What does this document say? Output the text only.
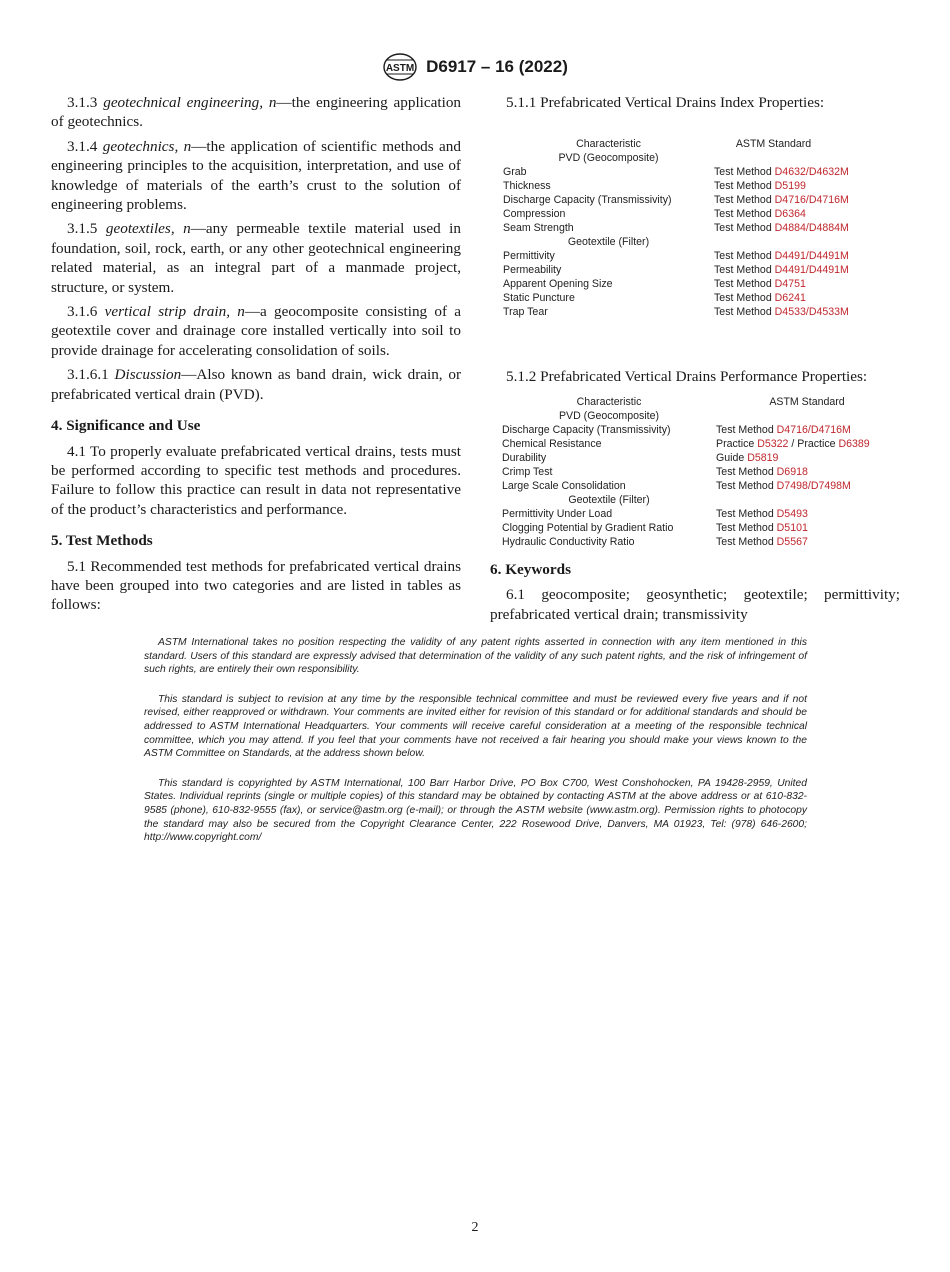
ASTM D6917 – 16 (2022)

3.1.3 geotechnical engineering, n—the engineering application of geotechnics.

3.1.4 geotechnics, n—the application of scientific methods and engineering principles to the acquisition, interpretation, and use of knowledge of materials of the earth’s crust to the solution of engineering problems.

3.1.5 geotextiles, n—any permeable textile material used in foundation, soil, rock, earth, or any other geotechnical engineering related material, as an integral part of a manmade project, structure, or system.

3.1.6 vertical strip drain, n—a geocomposite consisting of a geotextile cover and drainage core installed vertically into soil to provide drainage for accelerating consolidation of soils.

3.1.6.1 Discussion—Also known as band drain, wick drain, or prefabricated vertical drain (PVD).

4. Significance and Use

4.1 To properly evaluate prefabricated vertical drains, tests must be performed according to specific test methods and procedures. Failure to follow this practice can result in data not representative of the product’s characteristics and performance.

5. Test Methods

5.1 Recommended test methods for prefabricated vertical drains have been grouped into two categories and are listed in tables as follows:

5.1.1 Prefabricated Vertical Drains Index Properties:

Characteristic	ASTM Standard
PVD (Geocomposite)
Grab	Test Method D4632/D4632M
Thickness	Test Method D5199
Discharge Capacity (Transmissivity)	Test Method D4716/D4716M
Compression	Test Method D6364
Seam Strength	Test Method D4884/D4884M
Geotextile (Filter)
Permittivity	Test Method D4491/D4491M
Permeability	Test Method D4491/D4491M
Apparent Opening Size	Test Method D4751
Static Puncture	Test Method D6241
Trap Tear	Test Method D4533/D4533M

5.1.2 Prefabricated Vertical Drains Performance Properties:

Characteristic	ASTM Standard
PVD (Geocomposite)
Discharge Capacity (Transmissivity)	Test Method D4716/D4716M
Chemical Resistance	Practice D5322 / Practice D6389
Durability	Guide D5819
Crimp Test	Test Method D6918
Large Scale Consolidation	Test Method D7498/D7498M
Geotextile (Filter)
Permittivity Under Load	Test Method D5493
Clogging Potential by Gradient Ratio	Test Method D5101
Hydraulic Conductivity Ratio	Test Method D5567
6. Keywords

6.1 geocomposite; geosynthetic; geotextile; permittivity; prefabricated vertical drain; transmissivity

ASTM International takes no position respecting the validity of any patent rights asserted in connection with any item mentioned in this standard. Users of this standard are expressly advised that determination of the validity of any such patent rights, and the risk of infringement of such rights, are entirely their own responsibility.

This standard is subject to revision at any time by the responsible technical committee and must be reviewed every five years and if not revised, either reapproved or withdrawn. Your comments are invited either for revision of this standard or for additional standards and should be addressed to ASTM International Headquarters. Your comments will receive careful consideration at a meeting of the responsible technical committee, which you may attend. If you feel that your comments have not received a fair hearing you should make your views known to the ASTM Committee on Standards, at the address shown below.

This standard is copyrighted by ASTM International, 100 Barr Harbor Drive, PO Box C700, West Conshohocken, PA 19428-2959, United States. Individual reprints (single or multiple copies) of this standard may be obtained by contacting ASTM at the above address or at 610-832-9585 (phone), 610-832-9555 (fax), or service@astm.org (e-mail); or through the ASTM website (www.astm.org). Permission rights to photocopy the standard may also be secured from the Copyright Clearance Center, 222 Rosewood Drive, Danvers, MA 01923, Tel: (978) 646-2600; http://www.copyright.com/

2
